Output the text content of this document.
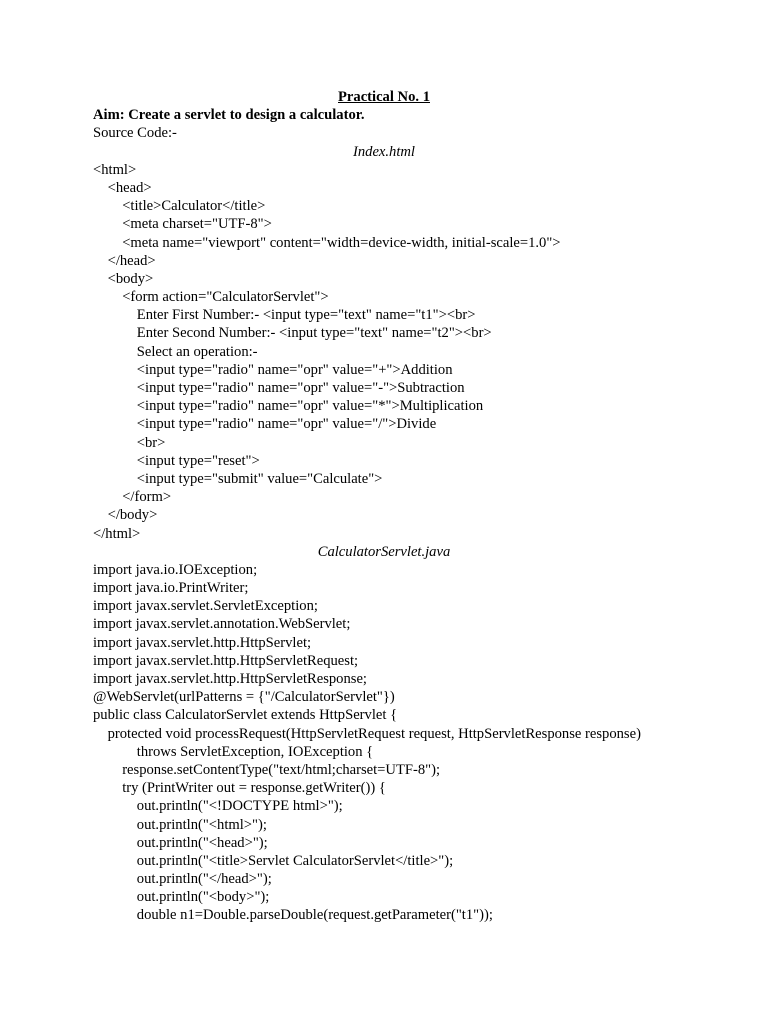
Practical No. 1
Aim: Create a servlet to design a calculator.
Source Code:-
Index.html
<html>
<head>
<title>Calculator</title>
<meta charset="UTF-8">
<meta name="viewport" content="width=device-width, initial-scale=1.0">
</head>
<body>
<form action="CalculatorServlet">
Enter First Number:- <input type="text" name="t1"><br>
Enter Second Number:- <input type="text" name="t2"><br>
Select an operation:-
<input type="radio" name="opr" value="+">Addition
<input type="radio" name="opr" value="-">Subtraction
<input type="radio" name="opr" value="*">Multiplication
<input type="radio" name="opr" value="/">Divide
<br>
<input type="reset">
<input type="submit" value="Calculate">
</form>
</body>
</html>
CalculatorServlet.java
import java.io.IOException;
import java.io.PrintWriter;
import javax.servlet.ServletException;
import javax.servlet.annotation.WebServlet;
import javax.servlet.http.HttpServlet;
import javax.servlet.http.HttpServletRequest;
import javax.servlet.http.HttpServletResponse;
@WebServlet(urlPatterns = {"/CalculatorServlet"})
public class CalculatorServlet extends HttpServlet {
protected void processRequest(HttpServletRequest request, HttpServletResponse response)
throws ServletException, IOException {
response.setContentType("text/html;charset=UTF-8");
try (PrintWriter out = response.getWriter()) {
out.println("<!DOCTYPE html>");
out.println("<html>");
out.println("<head>");
out.println("<title>Servlet CalculatorServlet</title>");
out.println("</head>");
out.println("<body>");
double n1=Double.parseDouble(request.getParameter("t1"));
